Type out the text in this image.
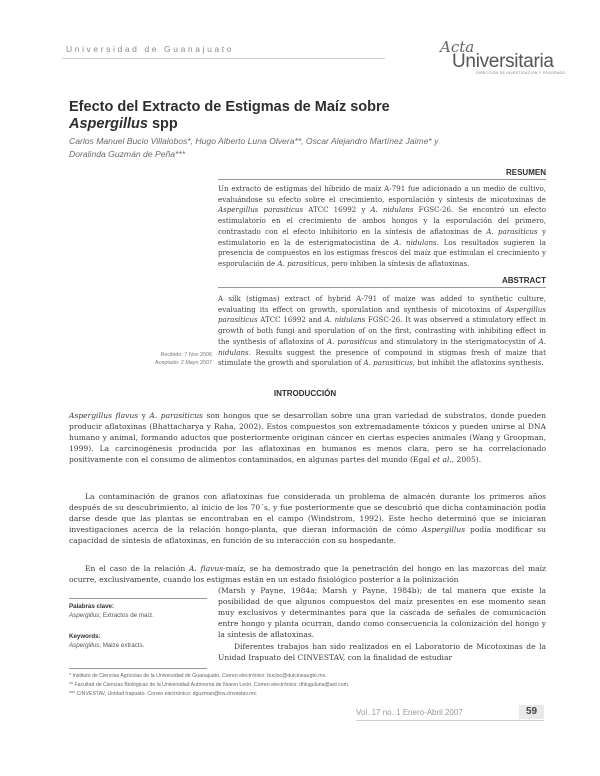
Universidad de Guanajuato	Acta
Universitaria
DIRECCIÓN DE INVESTIGACIÓN Y POSGRADO
Efecto del Extracto de Estigmas de Maíz sobre
Aspergillus spp
Carlos Manuel Bucio Villalobos*, Hugo Alberto Luna Olvera**, Oscar Alejandro Martínez Jaime* y
Doralinda Guzmán de Peña***
RESUMEN
Un extracto de estigmas del híbrido de maíz A-791 fue adicionado a un medio de cultivo, evaluándose su efecto sobre el crecimiento, esporulación y síntesis de micotoxinas de Aspergillus parasiticus ATCC 16992 y A. nidulans FGSC-26. Se encontró un efecto estimulatorio en el crecimiento de ambos hongos y la esporulación del primero, contrastado con el efecto inhibitorio en la síntesis de aflatoxinas de A. parasiticus y estimulatorio en la de esterigmatocistina de A. nidulans. Los resultados sugieren la presencia de compuestos en los estigmas frescos del maíz que estimulan el crecimiento y esporulación de A. parasiticus, pero inhiben la síntesis de aflatoxinas.
ABSTRACT
A silk (stigmas) extract of hybrid A-791 of maize was added to synthetic culture, evaluating its effect on growth, sporulation and synthesis of micotoxins of Aspergillus parasiticus ATCC 16992 and A. nidulans FGSC-26. It was observed a stimulatory effect in growth of both fungi and sporulation of on the first, contrasting with inhibiting effect in the synthesis of aflatoxins of A. parasiticus and stimulatory in the sterigmatocystin of A. nidulans. Results suggest the presence of compound in stigmas fresh of maize that stimulate the growth and sporulation of A. parasiticus, but inhibit the aflatoxins synthesis.
Recibido: 7 Nov 2006
Aceptado: 2 Mayo 2007
INTRODUCCIÓN
Aspergillus flavus y A. parasiticus son hongos que se desarrollan sobre una gran variedad de substratos, donde pueden producir aflatoxinas (Bhattacharya y Raha, 2002). Estos compuestos son extremadamente tóxicos y pueden unirse al DNA humano y animal, formando aductos que posteriormente originan cáncer en ciertas especies animales (Wang y Groopman, 1999). La carcinogénesis producida por las aflatoxinas en humanos es menos clara, pero se ha correlacionado positivamente con el consumo de alimentos contaminados, en algunas partes del mundo (Egal et al., 2005).
La contaminación de granos con aflatoxinas fue considerada un problema de almacén durante los primeros años después de su descubrimiento, al inicio de los 70´s, y fue posteriormente que se descubrió que dicha contaminación podía darse desde que las plantas se encontraban en el campo (Windstrom, 1992). Este hecho determinó que se iniciaran investigaciones acerca de la relación hongo-planta, que dieran información de cómo Aspergillus podía modificar su capacidad de síntesis de aflatoxinas, en función de su interacción con su hospedante.
En el caso de la relación A. flavus-maíz, se ha demostrado que la penetración del hongo en las mazorcas del maíz ocurre, exclusivamente, cuando los estigmas están en un estado fisiológico posterior a la polinización
(Marsh y Payne, 1984a; Marsh y Payne, 1984b); de tal manera que existe la posibilidad de que algunos compuestos del maíz presentes en ese momento sean muy exclusivos y determinantes para que la cascada de señales de comunicación entre hongo y planta ocurran, dando como consecuencia la colonización del hongo y la síntesis de aflatoxinas.
Diferentes trabajos han sido realizados en el Laboratorio de Micotoxinas de la Unidad Irapuato del CINVESTAV, con la finalidad de estudiar
Palabras clave:
Aspergillus; Extractos de maíz.
Keywords:
Aspergillus; Maize extracts.
* Instituto de Ciencias Agrícolas de la Universidad de Guanajuato. Correo electrónico: bucioc@dulcineaugto.mx.
** Facultad de Ciencias Biológicas de la Universidad Autónoma de Nuevo León. Correo electrónico: dhluguluna@aol.com.
*** CINVESTAV, Unidad Irapuato. Correo electrónico: dguzman@ira.cinvestav.mx.
Vol. 17 no. 1 Enero-Abril 2007	59
